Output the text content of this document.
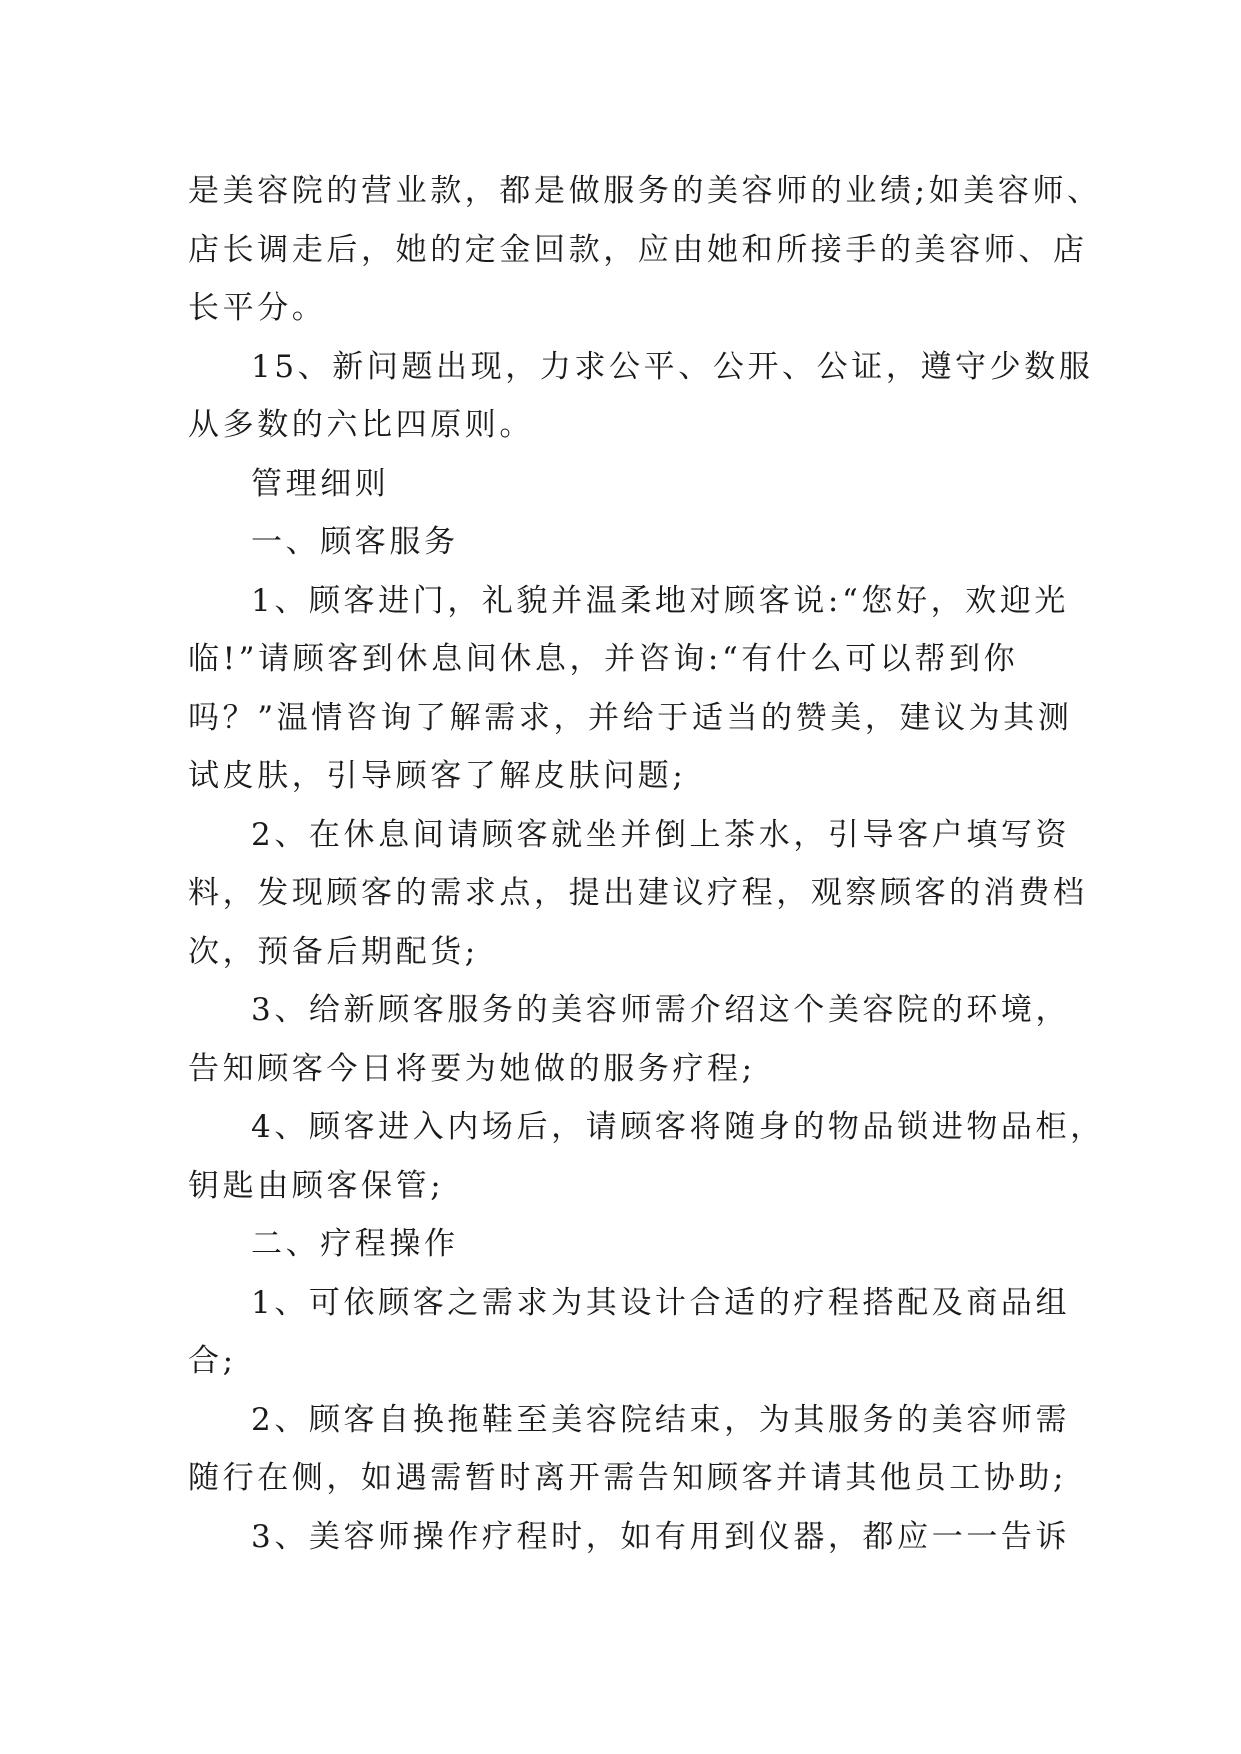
是美容院的营业款，都是做服务的美容师的业绩;如美容师、
店长调走后，她的定金回款，应由她和所接手的美容师、店
长平分。
15、新问题出现，力求公平、公开、公证，遵守少数服
从多数的六比四原则。
管理细则
一、顾客服务
1、顾客进门，礼貌并温柔地对顾客说:“您好，欢迎光
临!”请顾客到休息间休息，并咨询:“有什么可以帮到你
吗？”温情咨询了解需求，并给于适当的赞美，建议为其测
试皮肤，引导顾客了解皮肤问题;
2、在休息间请顾客就坐并倒上茶水，引导客户填写资
料，发现顾客的需求点，提出建议疗程，观察顾客的消费档
次，预备后期配货;
3、给新顾客服务的美容师需介绍这个美容院的环境，
告知顾客今日将要为她做的服务疗程;
4、顾客进入内场后，请顾客将随身的物品锁进物品柜，
钥匙由顾客保管;
二、疗程操作
1、可依顾客之需求为其设计合适的疗程搭配及商品组
合;
2、顾客自换拖鞋至美容院结束，为其服务的美容师需
随行在侧，如遇需暂时离开需告知顾客并请其他员工协助;
3、美容师操作疗程时，如有用到仪器，都应一一告诉
